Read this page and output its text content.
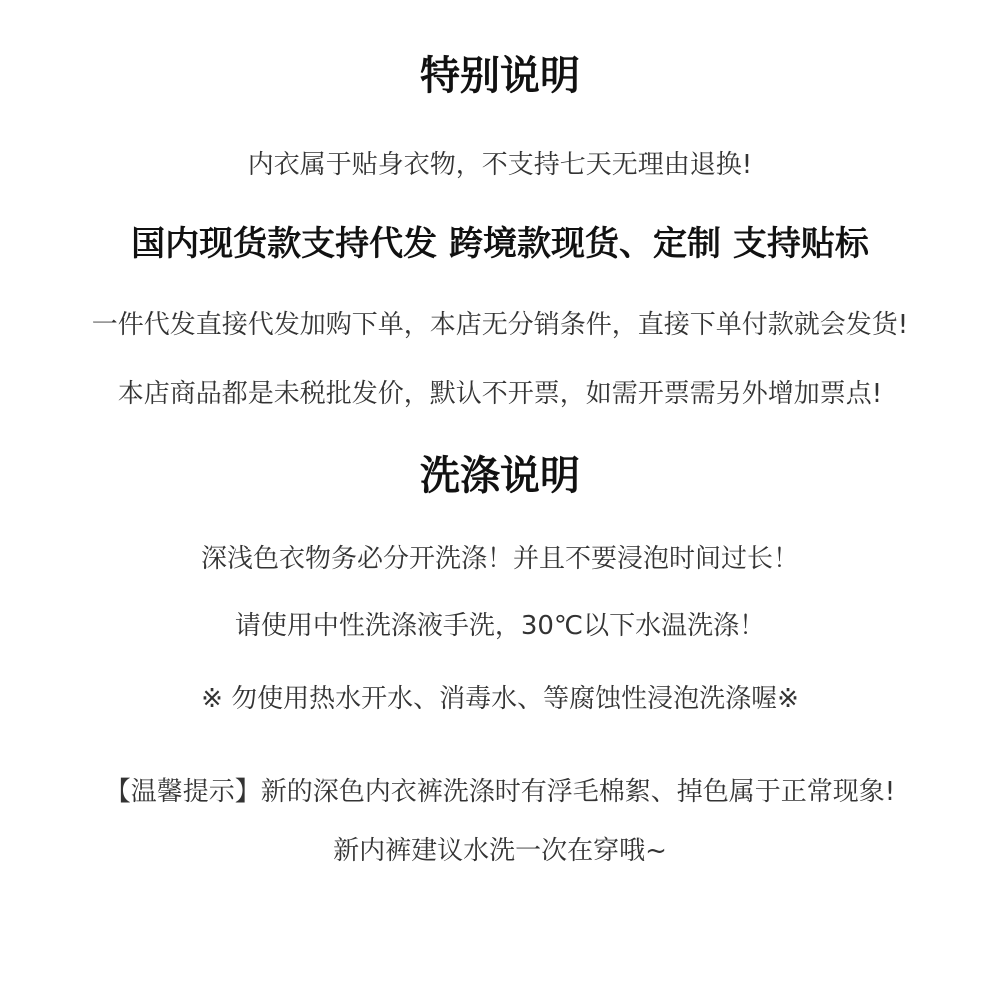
特别说明
内衣属于贴身衣物，不支持七天无理由退换!
国内现货款支持代发 跨境款现货、定制 支持贴标
一件代发直接代发加购下单，本店无分销条件，直接下单付款就会发货!
本店商品都是未税批发价，默认不开票，如需开票需另外增加票点!
洗涤说明
深浅色衣物务必分开洗涤！并且不要浸泡时间过长！
请使用中性洗涤液手洗，30℃以下水温洗涤！
※ 勿使用热水开水、消毒水、等腐蚀性浸泡洗涤喔※
【温馨提示】新的深色内衣裤洗涤时有浮毛棉絮、掉色属于正常现象!
新内裤建议水洗一次在穿哦~
